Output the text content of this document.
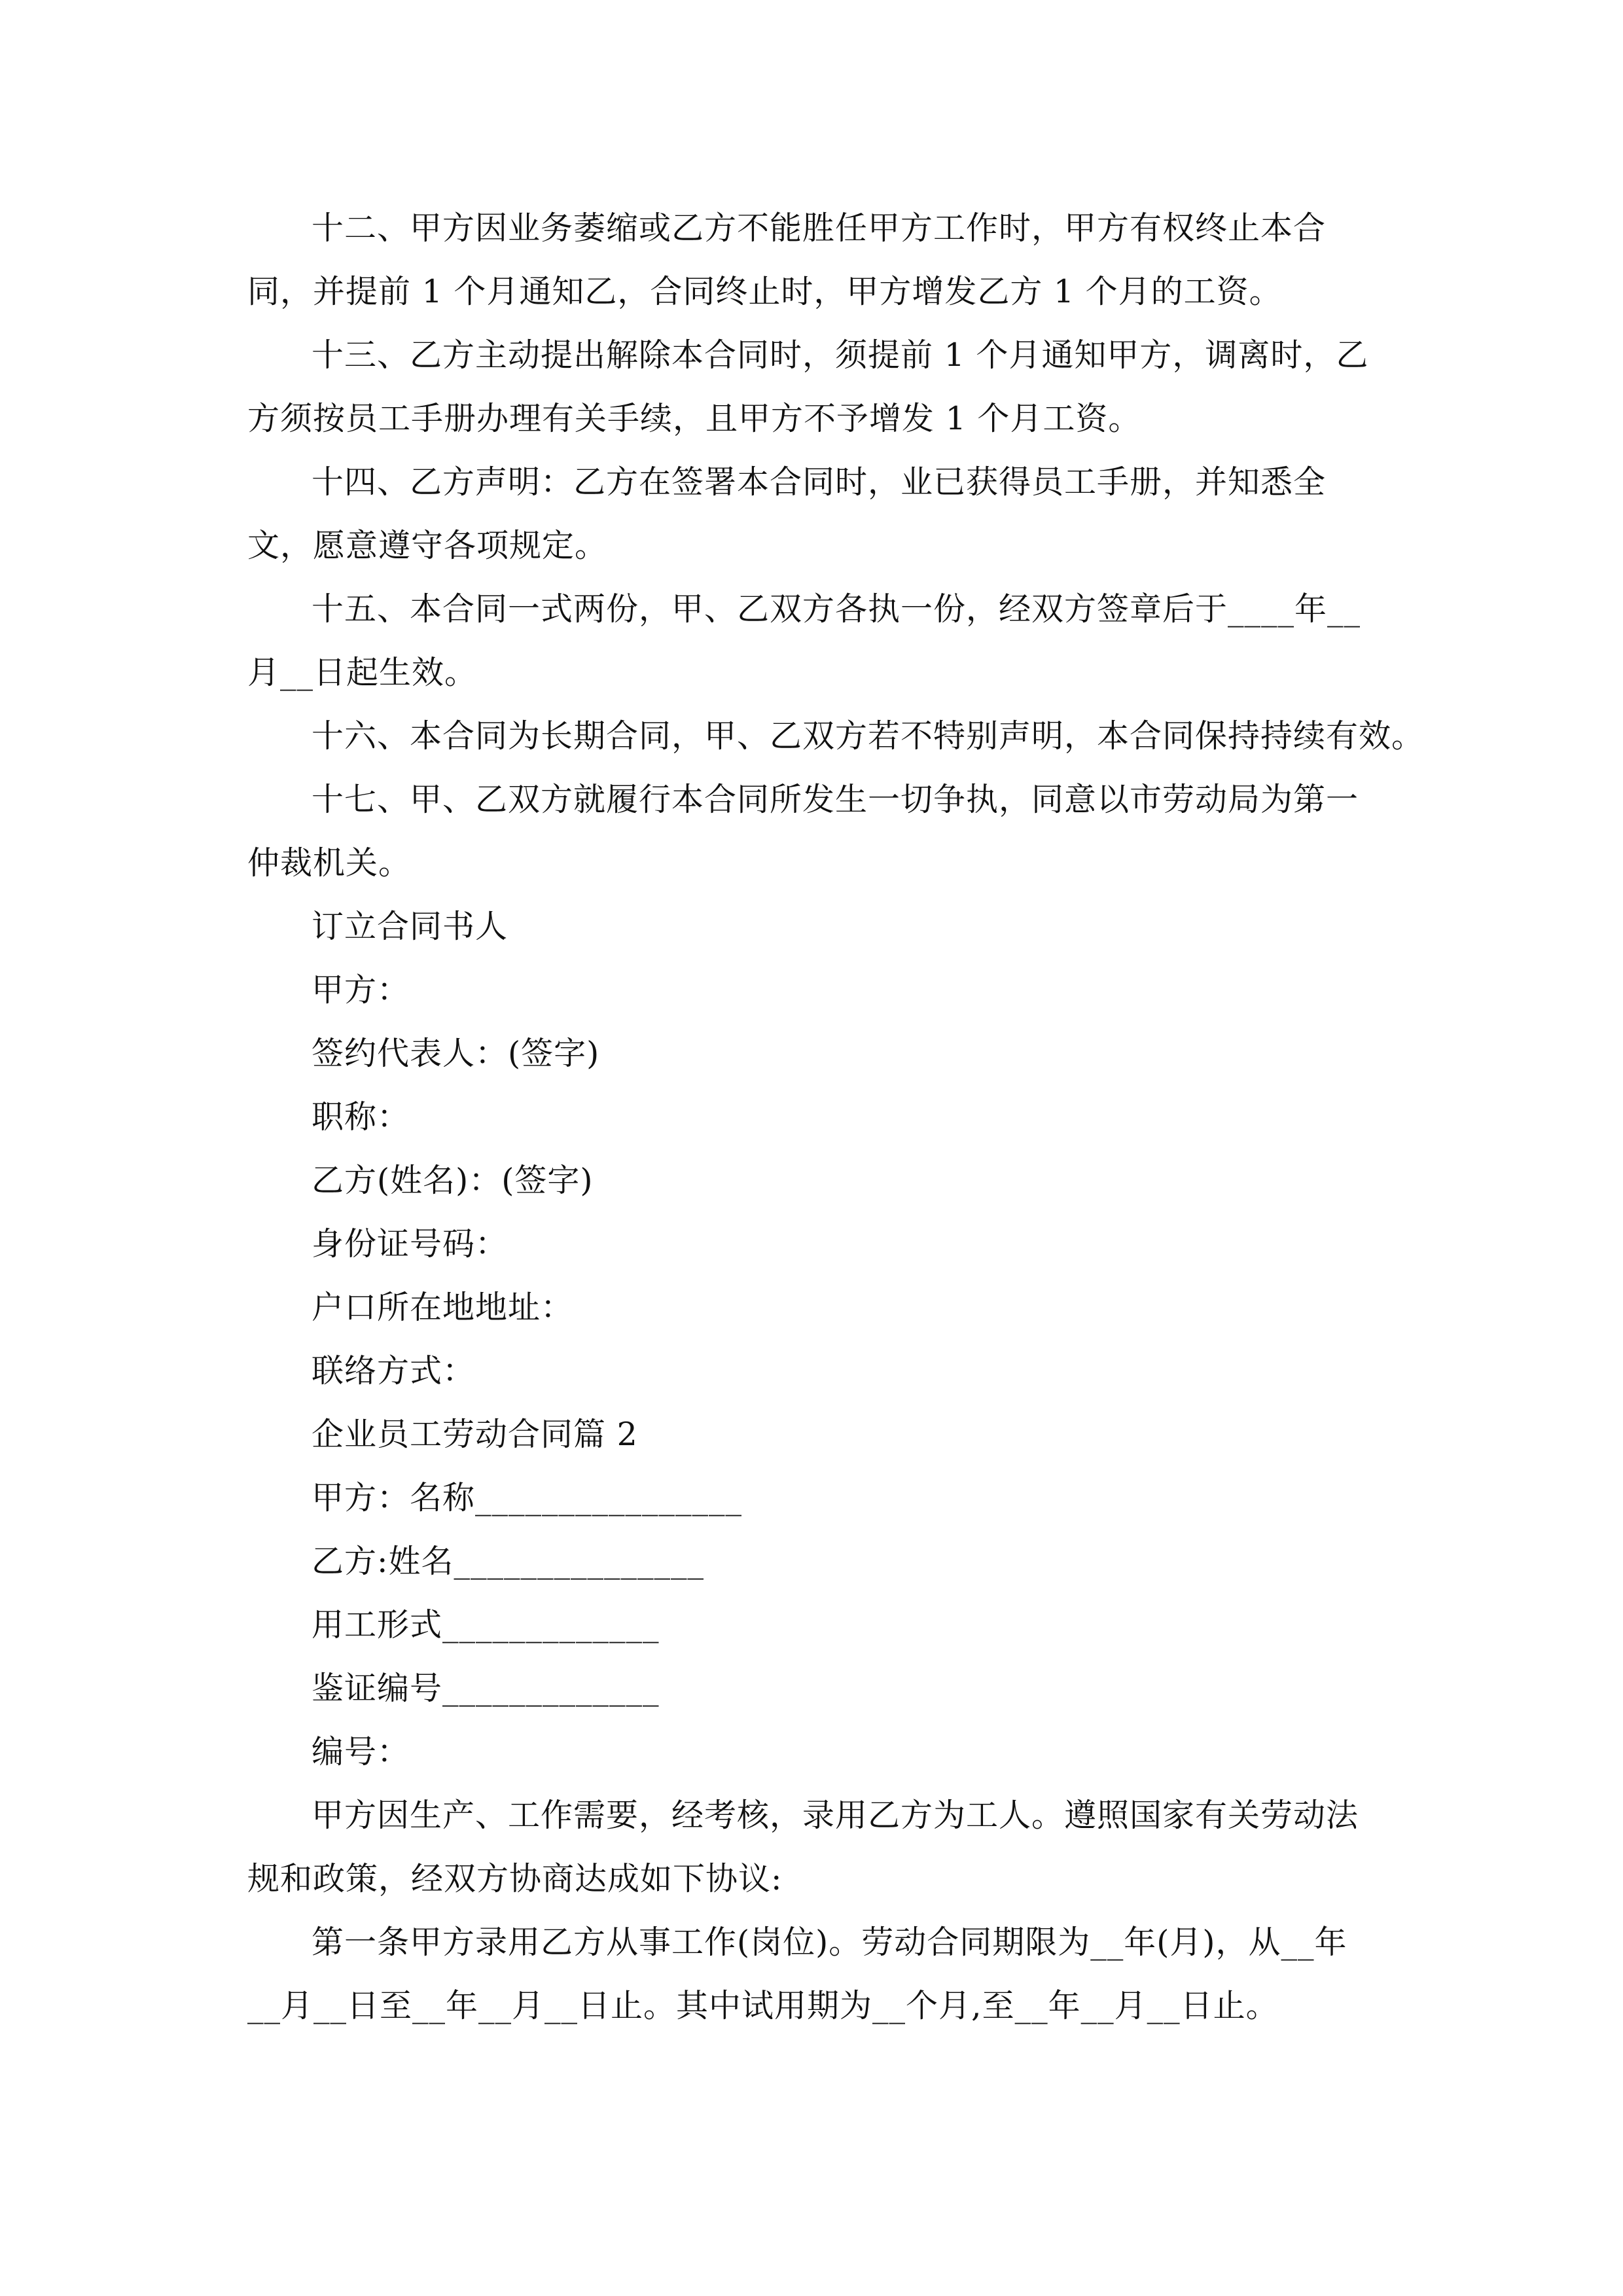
十二、甲方因业务萎缩或乙方不能胜任甲方工作时，甲方有权终止本合同，并提前 1 个月通知乙，合同终止时，甲方增发乙方 1 个月的工资。

十三、乙方主动提出解除本合同时，须提前 1 个月通知甲方，调离时，乙方须按员工手册办理有关手续，且甲方不予增发 1 个月工资。

十四、乙方声明：乙方在签署本合同时，业已获得员工手册，并知悉全文，愿意遵守各项规定。

十五、本合同一式两份，甲、乙双方各执一份，经双方签章后于____年__月__日起生效。

十六、本合同为长期合同，甲、乙双方若不特别声明，本合同保持持续有效。

十七、甲、乙双方就履行本合同所发生一切争执，同意以市劳动局为第一仲裁机关。

订立合同书人

甲方：

签约代表人：(签字)

职称：

乙方(姓名)：(签字)

身份证号码：

户口所在地地址：

联络方式：

企业员工劳动合同篇 2

甲方：名称________________

乙方:姓名_______________

用工形式_____________

鉴证编号_____________

编号：

甲方因生产、工作需要，经考核，录用乙方为工人。遵照国家有关劳动法规和政策，经双方协商达成如下协议:

第一条甲方录用乙方从事工作(岗位)。劳动合同期限为__年(月)，从__年__月__日至__年__月__日止。其中试用期为__个月,至__年__月__日止。
